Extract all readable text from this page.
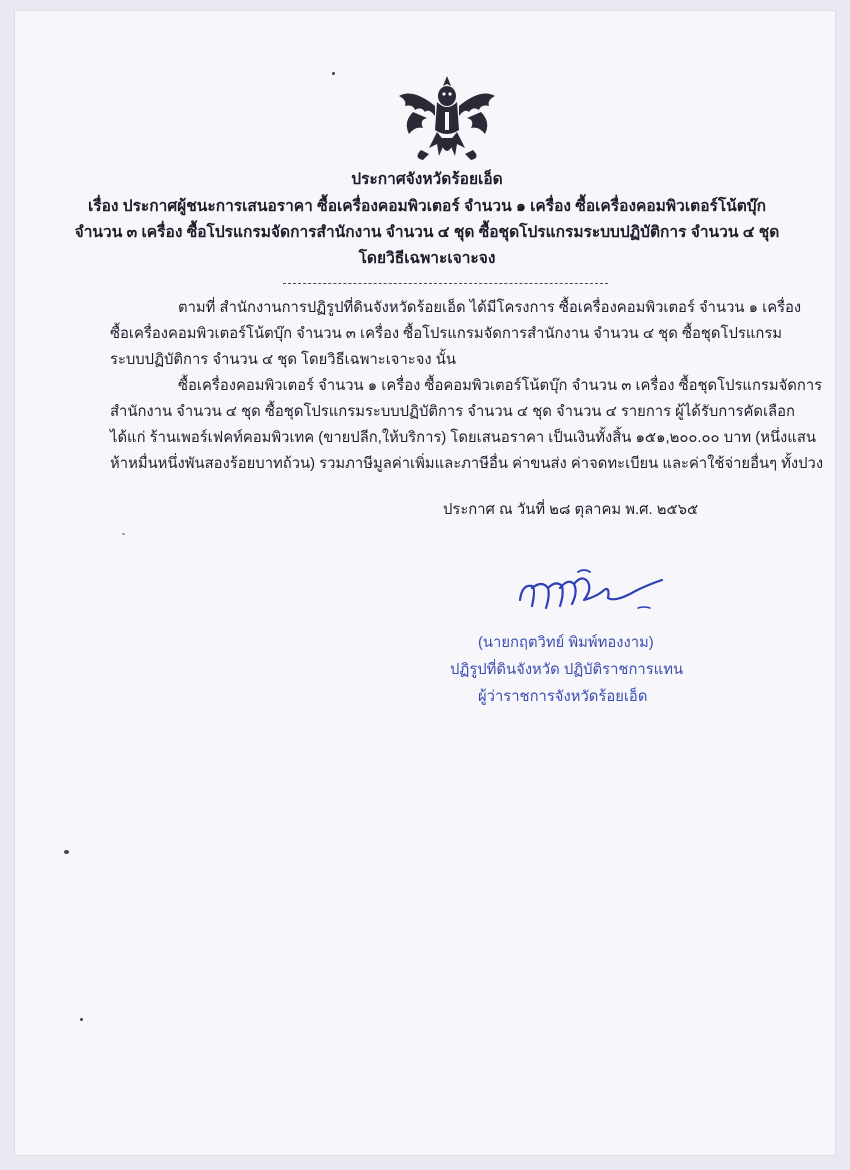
ประกาศจังหวัดร้อยเอ็ด
เรื่อง ประกาศผู้ชนะการเสนอราคา ซื้อเครื่องคอมพิวเตอร์ จำนวน ๑ เครื่อง ซื้อเครื่องคอมพิวเตอร์โน้ตบุ๊ก
จำนวน ๓ เครื่อง ซื้อโปรแกรมจัดการสำนักงาน จำนวน ๔ ชุด ซื้อชุดโปรแกรมระบบปฏิบัติการ จำนวน ๔ ชุด
โดยวิธีเฉพาะเจาะจง
ตามที่ สำนักงานการปฏิรูปที่ดินจังหวัดร้อยเอ็ด ได้มีโครงการ ซื้อเครื่องคอมพิวเตอร์ จำนวน ๑ เครื่อง
ซื้อเครื่องคอมพิวเตอร์โน้ตบุ๊ก จำนวน ๓ เครื่อง ซื้อโปรแกรมจัดการสำนักงาน จำนวน ๔ ชุด ซื้อชุดโปรแกรม
ระบบปฏิบัติการ จำนวน ๔ ชุด โดยวิธีเฉพาะเจาะจง นั้น
ซื้อเครื่องคอมพิวเตอร์ จำนวน ๑ เครื่อง ซื้อคอมพิวเตอร์โน้ตบุ๊ก จำนวน ๓ เครื่อง ซื้อชุดโปรแกรมจัดการ
สำนักงาน จำนวน ๔ ชุด ซื้อชุดโปรแกรมระบบปฏิบัติการ จำนวน ๔ ชุด จำนวน ๔ รายการ ผู้ได้รับการคัดเลือก
ได้แก่ ร้านเพอร์เฟคท์คอมพิวเทค (ขายปลีก,ให้บริการ) โดยเสนอราคา เป็นเงินทั้งสิ้น ๑๕๑,๒๐๐.๐๐ บาท (หนึ่งแสน
ห้าหมื่นหนึ่งพันสองร้อยบาทถ้วน) รวมภาษีมูลค่าเพิ่มและภาษีอื่น ค่าขนส่ง ค่าจดทะเบียน และค่าใช้จ่ายอื่นๆ ทั้งปวง
ประกาศ ณ วันที่ ๒๘ ตุลาคม พ.ศ. ๒๕๖๕
(นายกฤตวิทย์ พิมพ์ทองงาม)
ปฏิรูปที่ดินจังหวัด ปฏิบัติราชการแทน
ผู้ว่าราชการจังหวัดร้อยเอ็ด
